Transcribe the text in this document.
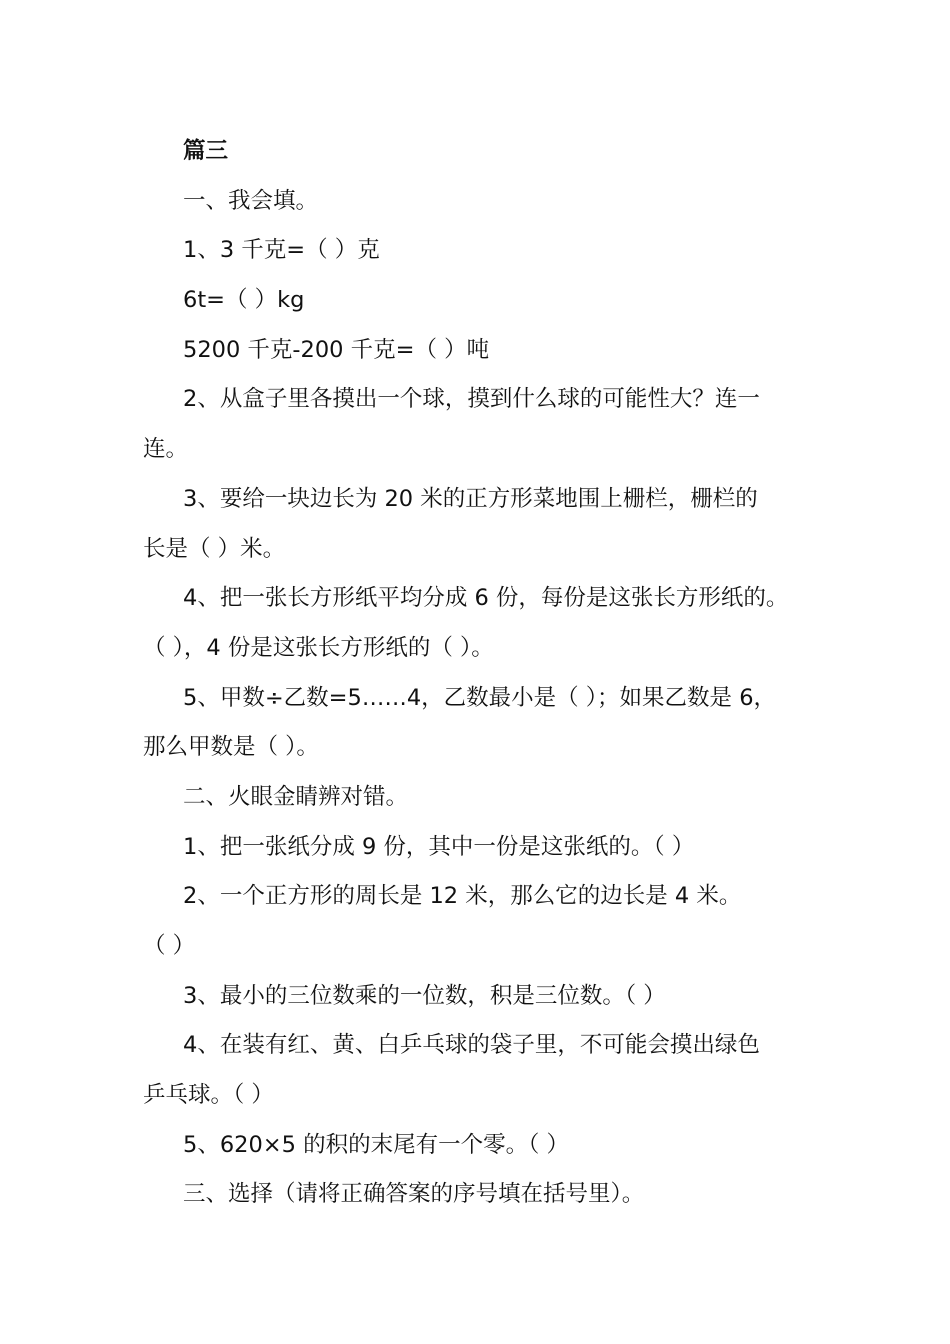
篇三
一、我会填。
1、3 千克=（ ）克
6t=（ ）kg
5200 千克-200 千克=（ ）吨
2、从盒子里各摸出一个球，摸到什么球的可能性大？连一
连。
3、要给一块边长为 20 米的正方形菜地围上栅栏，栅栏的
长是（ ）米。
4、把一张长方形纸平均分成 6 份，每份是这张长方形纸的。
（ ），4 份是这张长方形纸的（ ）。
5、甲数÷乙数=5……4，乙数最小是（ ）；如果乙数是 6，
那么甲数是（ ）。
二、火眼金睛辨对错。
1、把一张纸分成 9 份，其中一份是这张纸的。（ ）
2、一个正方形的周长是 12 米，那么它的边长是 4 米。
（ ）
3、最小的三位数乘的一位数，积是三位数。（ ）
4、在装有红、黄、白乒乓球的袋子里，不可能会摸出绿色
乒乓球。（ ）
5、620×5 的积的末尾有一个零。（ ）
三、选择（请将正确答案的序号填在括号里）。
